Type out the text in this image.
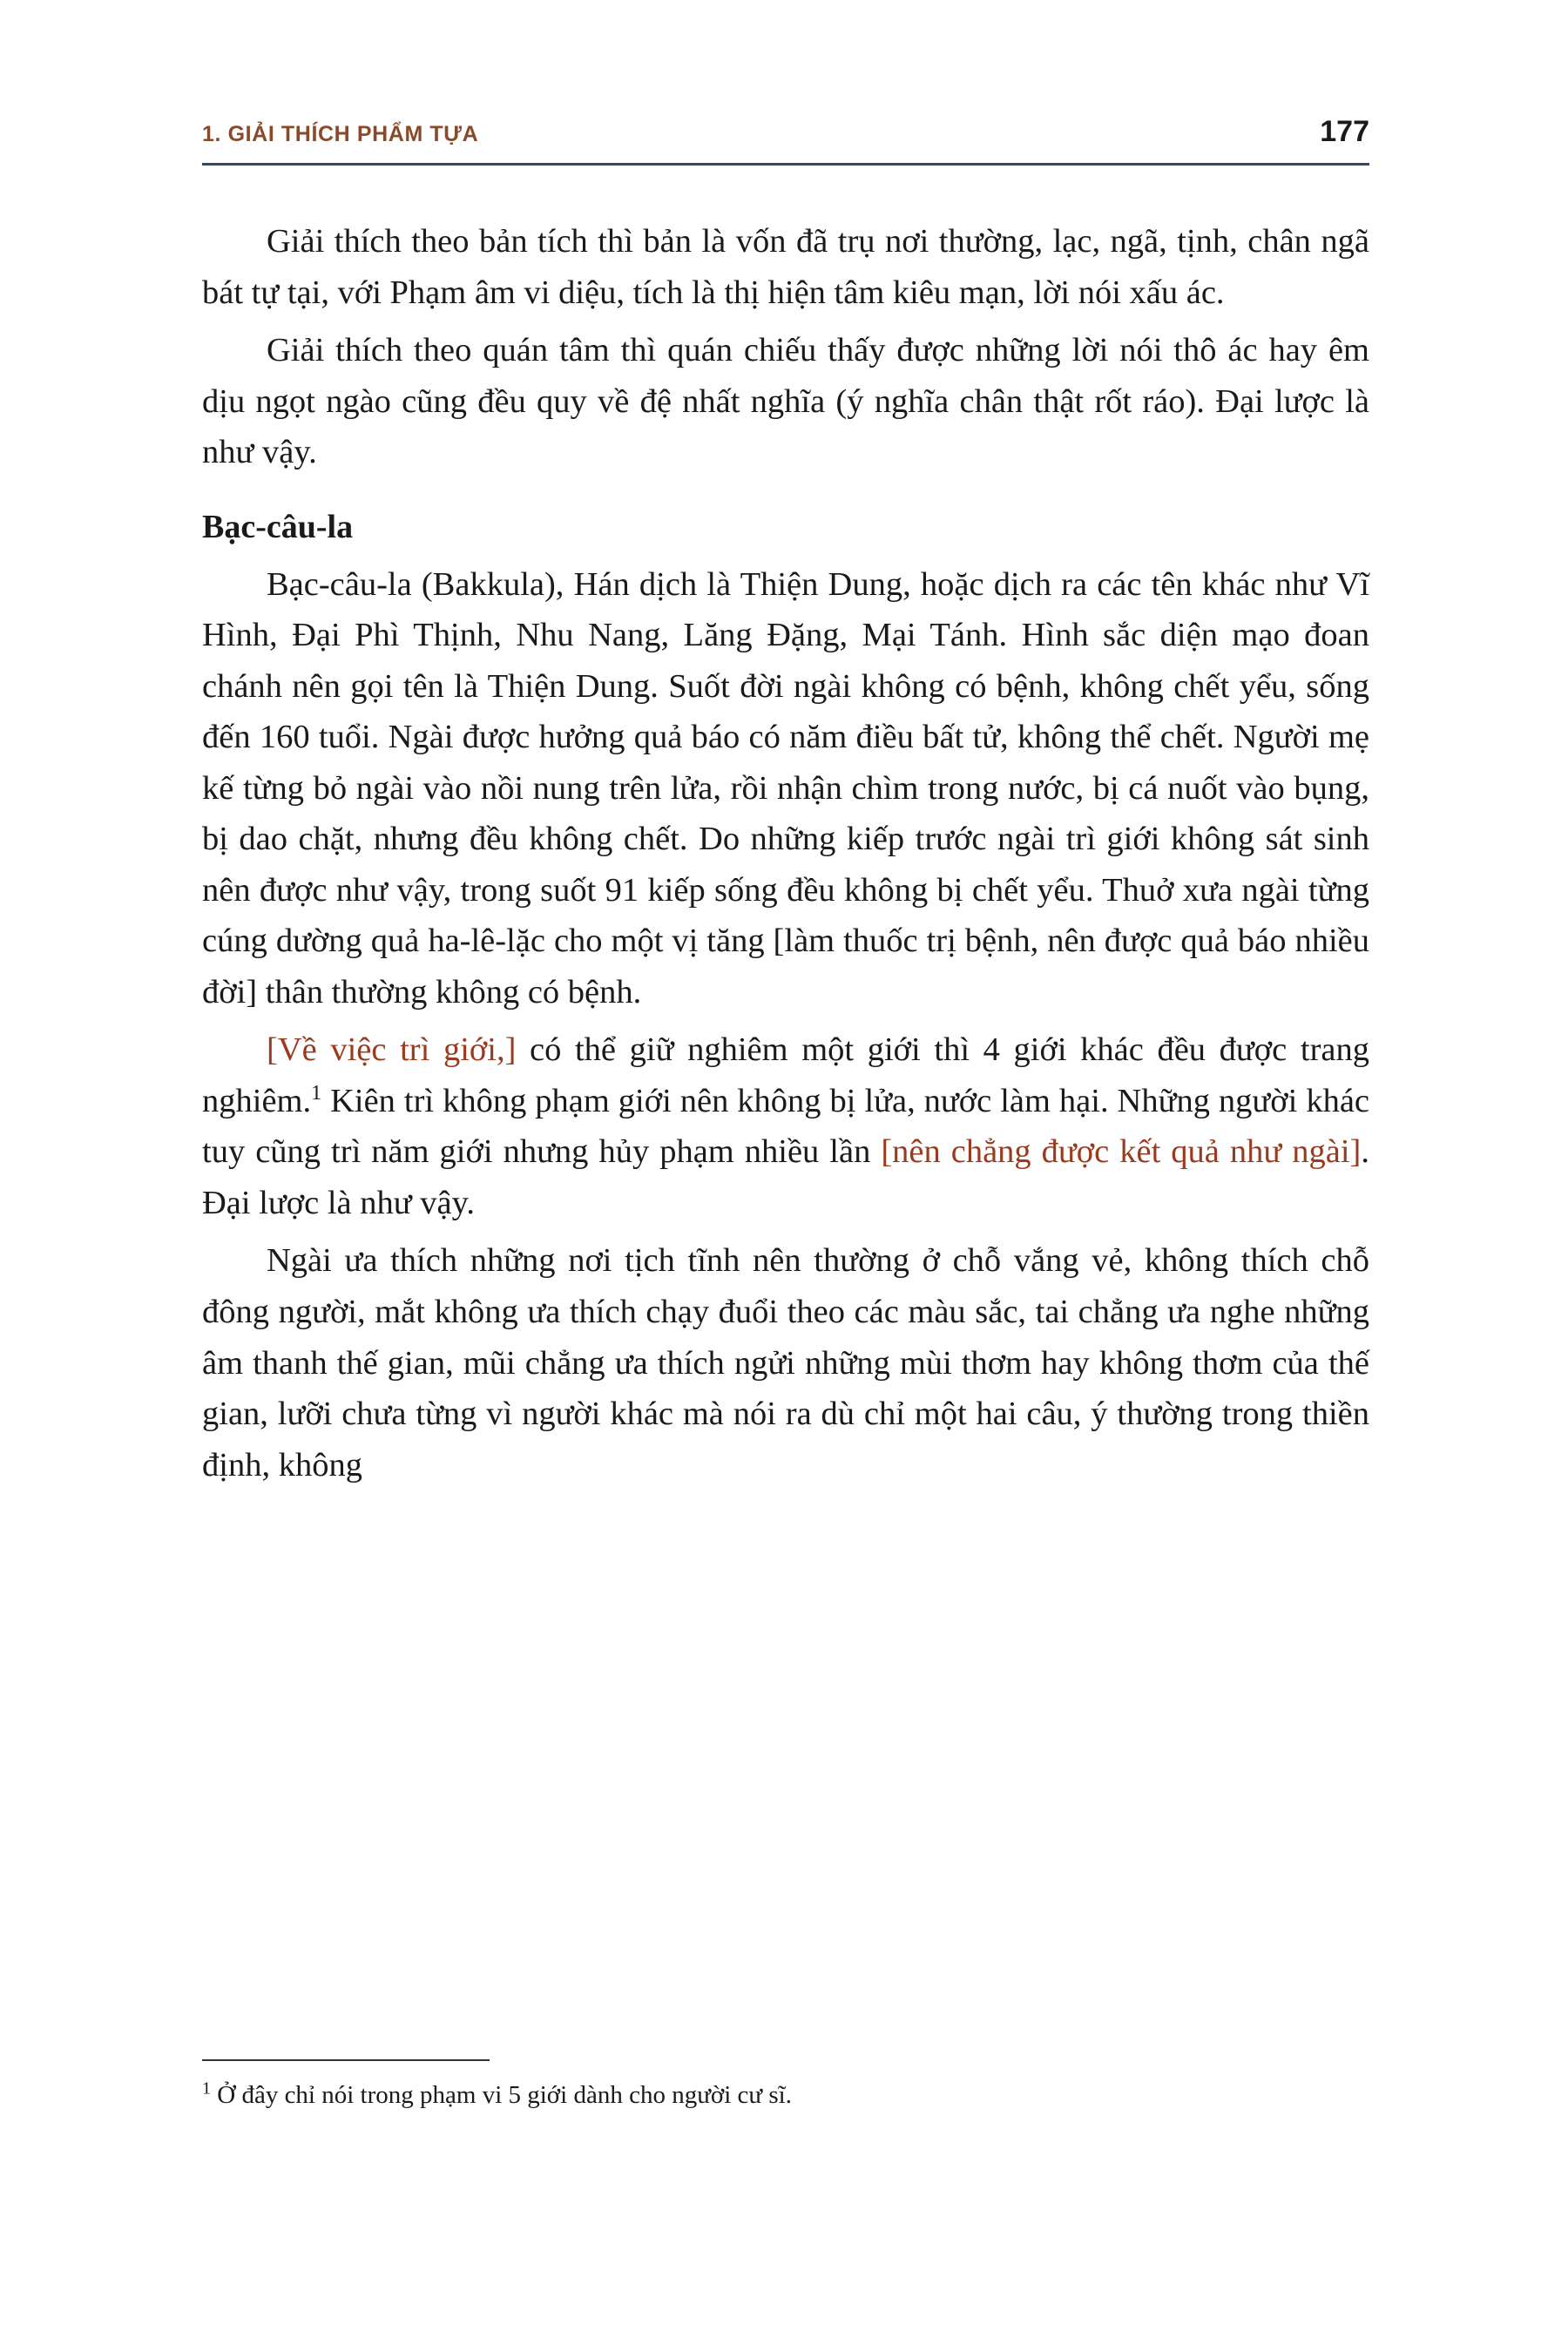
1. GIẢI THÍCH PHẨM TỰA	177

Giải thích theo bản tích thì bản là vốn đã trụ nơi thường, lạc, ngã, tịnh, chân ngã bát tự tại, với Phạm âm vi diệu, tích là thị hiện tâm kiêu mạn, lời nói xấu ác.

Giải thích theo quán tâm thì quán chiếu thấy được những lời nói thô ác hay êm dịu ngọt ngào cũng đều quy về đệ nhất nghĩa (ý nghĩa chân thật rốt ráo). Đại lược là như vậy.

Bạc-câu-la

Bạc-câu-la (Bakkula), Hán dịch là Thiện Dung, hoặc dịch ra các tên khác như Vĩ Hình, Đại Phì Thịnh, Nhu Nang, Lăng Đặng, Mại Tánh. Hình sắc diện mạo đoan chánh nên gọi tên là Thiện Dung. Suốt đời ngài không có bệnh, không chết yểu, sống đến 160 tuổi. Ngài được hưởng quả báo có năm điều bất tử, không thể chết. Người mẹ kế từng bỏ ngài vào nồi nung trên lửa, rồi nhận chìm trong nước, bị cá nuốt vào bụng, bị dao chặt, nhưng đều không chết. Do những kiếp trước ngài trì giới không sát sinh nên được như vậy, trong suốt 91 kiếp sống đều không bị chết yểu. Thuở xưa ngài từng cúng dường quả ha-lê-lặc cho một vị tăng [làm thuốc trị bệnh, nên được quả báo nhiều đời] thân thường không có bệnh.

[Về việc trì giới,] có thể giữ nghiêm một giới thì 4 giới khác đều được trang nghiêm.$^1$ Kiên trì không phạm giới nên không bị lửa, nước làm hại. Những người khác tuy cũng trì năm giới nhưng hủy phạm nhiều lần [nên chẳng được kết quả như ngài]. Đại lược là như vậy.

Ngài ưa thích những nơi tịch tĩnh nên thường ở chỗ vắng vẻ, không thích chỗ đông người, mắt không ưa thích chạy đuổi theo các màu sắc, tai chẳng ưa nghe những âm thanh thế gian, mũi chẳng ưa thích ngửi những mùi thơm hay không thơm của thế gian, lưỡi chưa từng vì người khác mà nói ra dù chỉ một hai câu, ý thường trong thiền định, không

$^1$ Ở đây chỉ nói trong phạm vi 5 giới dành cho người cư sĩ.
